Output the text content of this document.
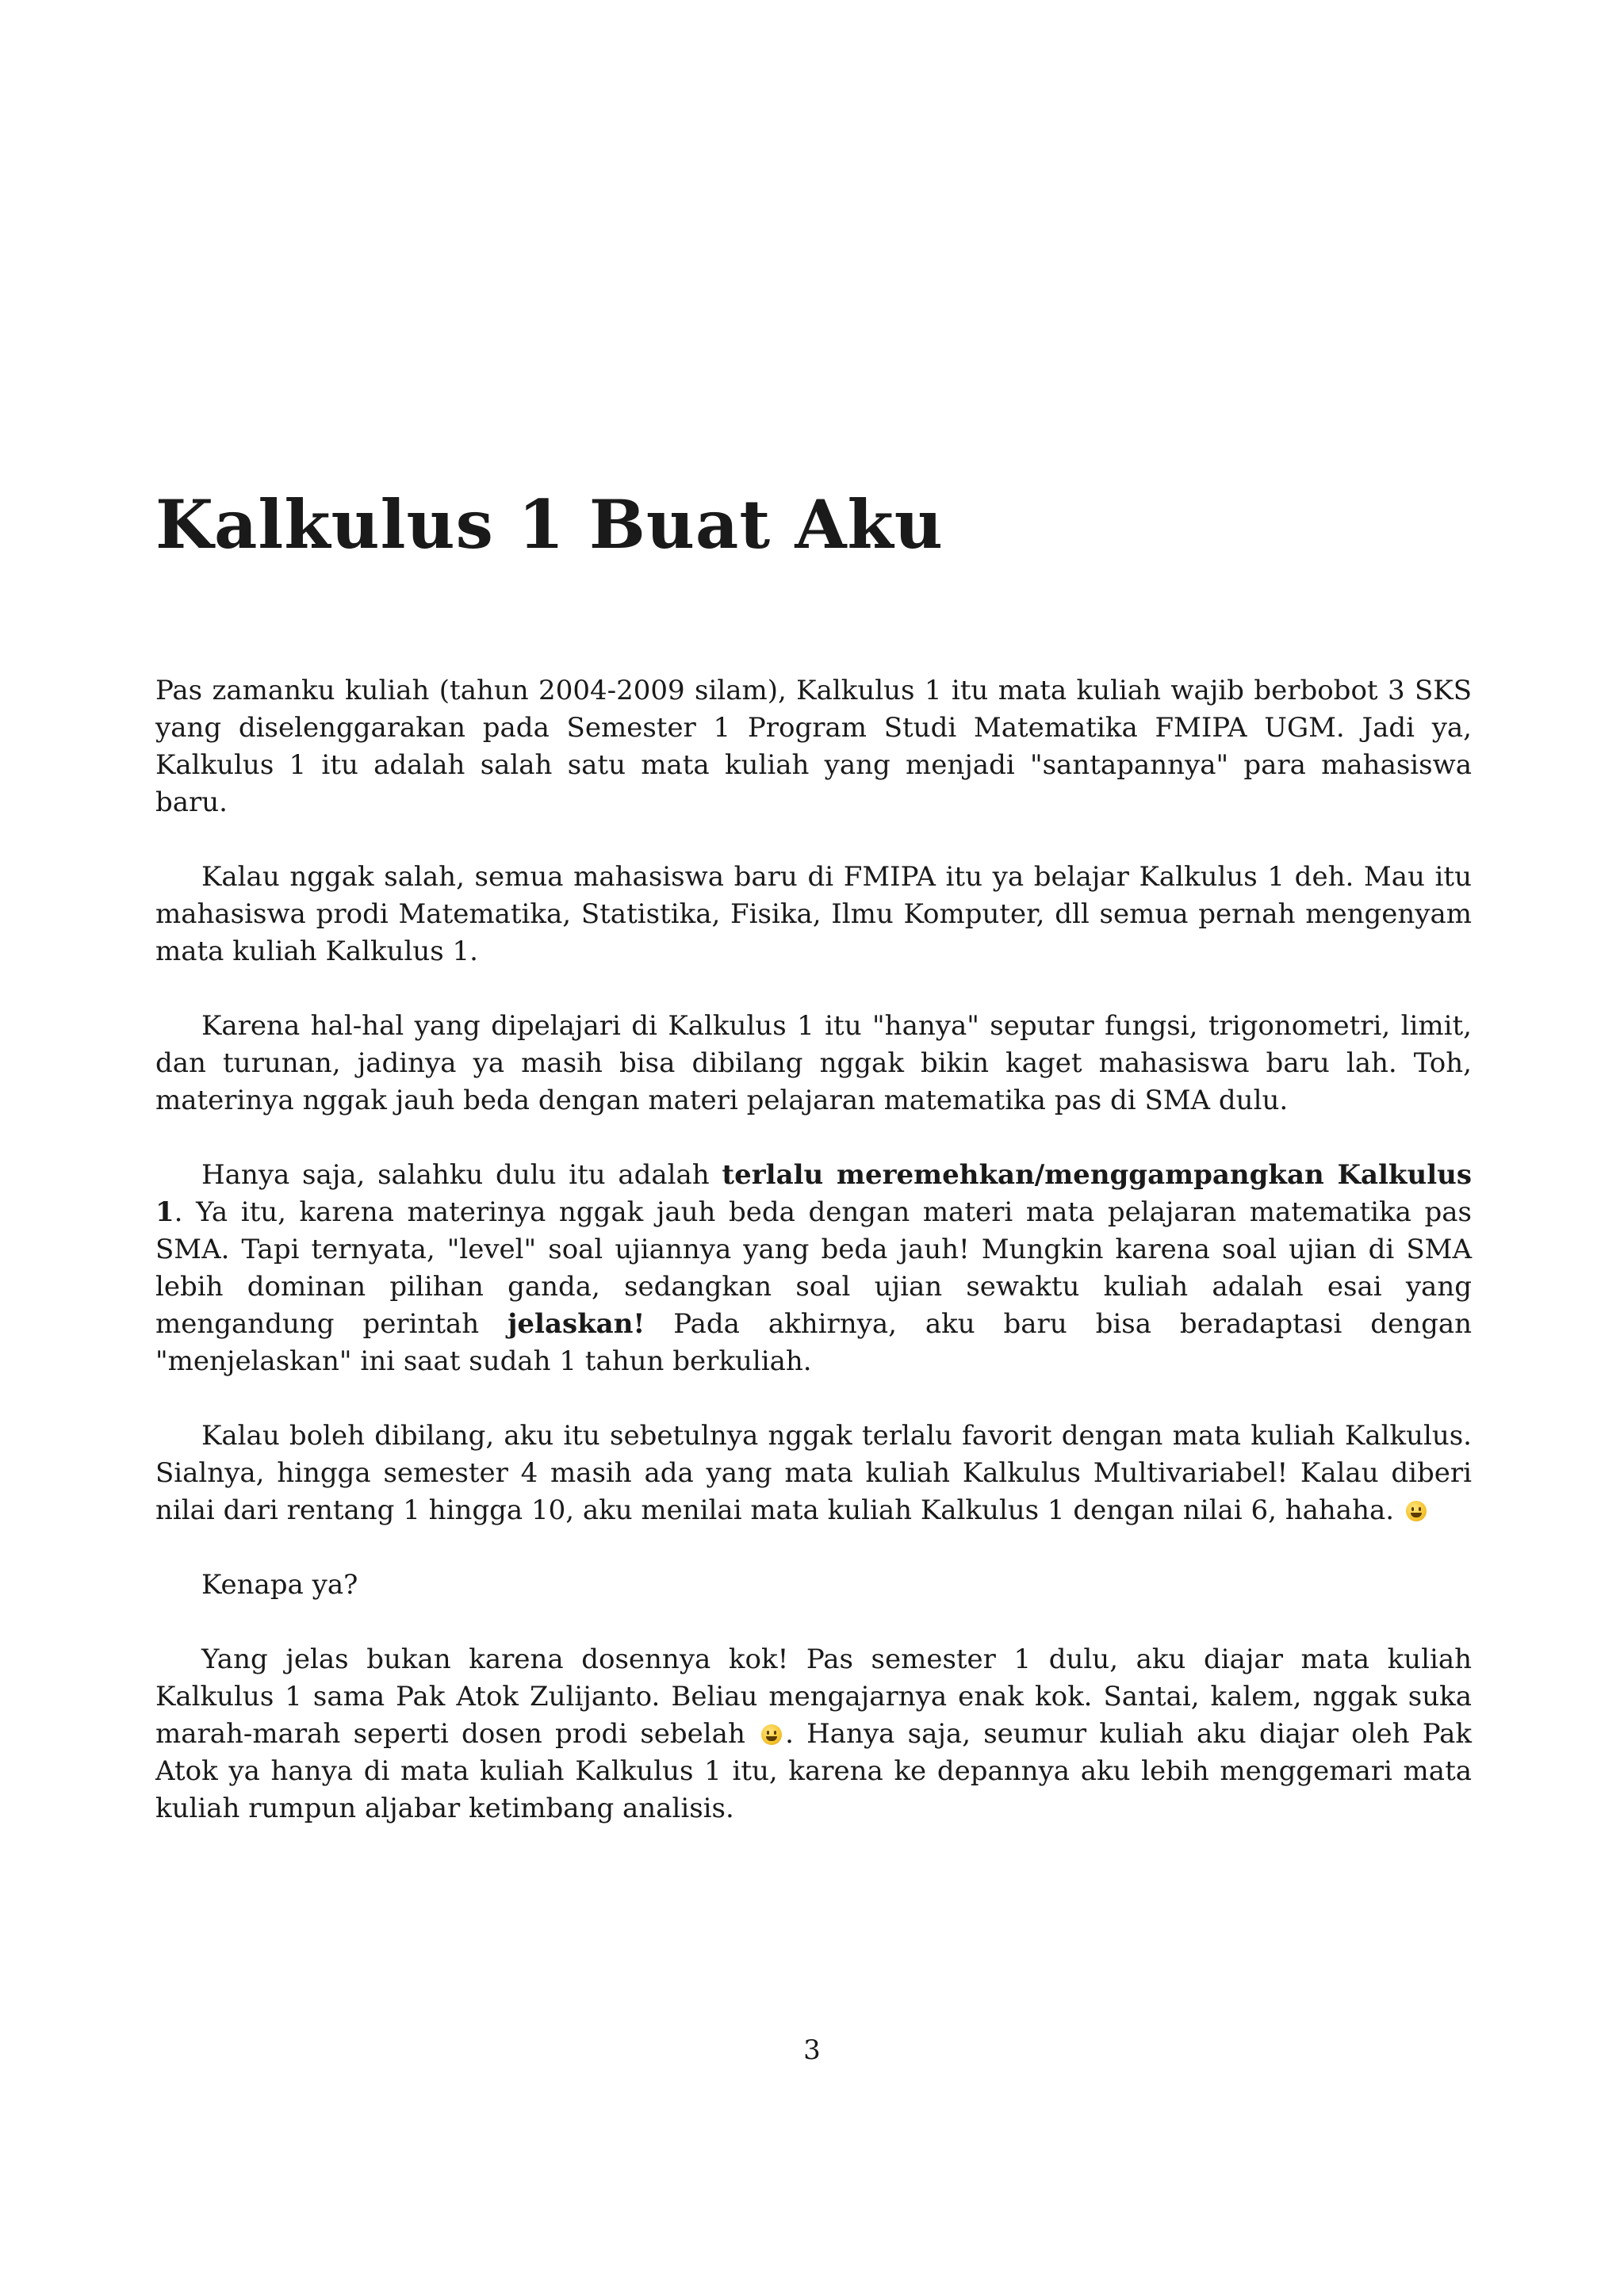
Kalkulus 1 Buat Aku

Pas zamanku kuliah (tahun 2004-2009 silam), Kalkulus 1 itu mata kuliah wajib berbobot 3 SKS yang diselenggarakan pada Semester 1 Program Studi Matematika FMIPA UGM. Jadi ya, Kalkulus 1 itu adalah salah satu mata kuliah yang menjadi "santapannya" para mahasiswa baru.

Kalau nggak salah, semua mahasiswa baru di FMIPA itu ya belajar Kalkulus 1 deh. Mau itu mahasiswa prodi Matematika, Statistika, Fisika, Ilmu Komputer, dll semua pernah mengenyam mata kuliah Kalkulus 1.

Karena hal-hal yang dipelajari di Kalkulus 1 itu "hanya" seputar fungsi, trigonometri, limit, dan turunan, jadinya ya masih bisa dibilang nggak bikin kaget mahasiswa baru lah. Toh, materinya nggak jauh beda dengan materi pelajaran matematika pas di SMA dulu.

Hanya saja, salahku dulu itu adalah terlalu meremehkan/menggampangkan Kalkulus 1. Ya itu, karena materinya nggak jauh beda dengan materi mata pelajaran matematika pas SMA. Tapi ternyata, "level" soal ujiannya yang beda jauh! Mungkin karena soal ujian di SMA lebih dominan pilihan ganda, sedangkan soal ujian sewaktu kuliah adalah esai yang mengandung perintah jelaskan! Pada akhirnya, aku baru bisa beradaptasi dengan "menjelaskan" ini saat sudah 1 tahun berkuliah.

Kalau boleh dibilang, aku itu sebetulnya nggak terlalu favorit dengan mata kuliah Kalkulus. Sialnya, hingga semester 4 masih ada yang mata kuliah Kalkulus Multivariabel! Kalau diberi nilai dari rentang 1 hingga 10, aku menilai mata kuliah Kalkulus 1 dengan nilai 6, hahaha.

Kenapa ya?

Yang jelas bukan karena dosennya kok! Pas semester 1 dulu, aku diajar mata kuliah Kalkulus 1 sama Pak Atok Zulijanto. Beliau mengajarnya enak kok. Santai, kalem, nggak suka marah-marah seperti dosen prodi sebelah . Hanya saja, seumur kuliah aku diajar oleh Pak Atok ya hanya di mata kuliah Kalkulus 1 itu, karena ke depannya aku lebih menggemari mata kuliah rumpun aljabar ketimbang analisis.

3
